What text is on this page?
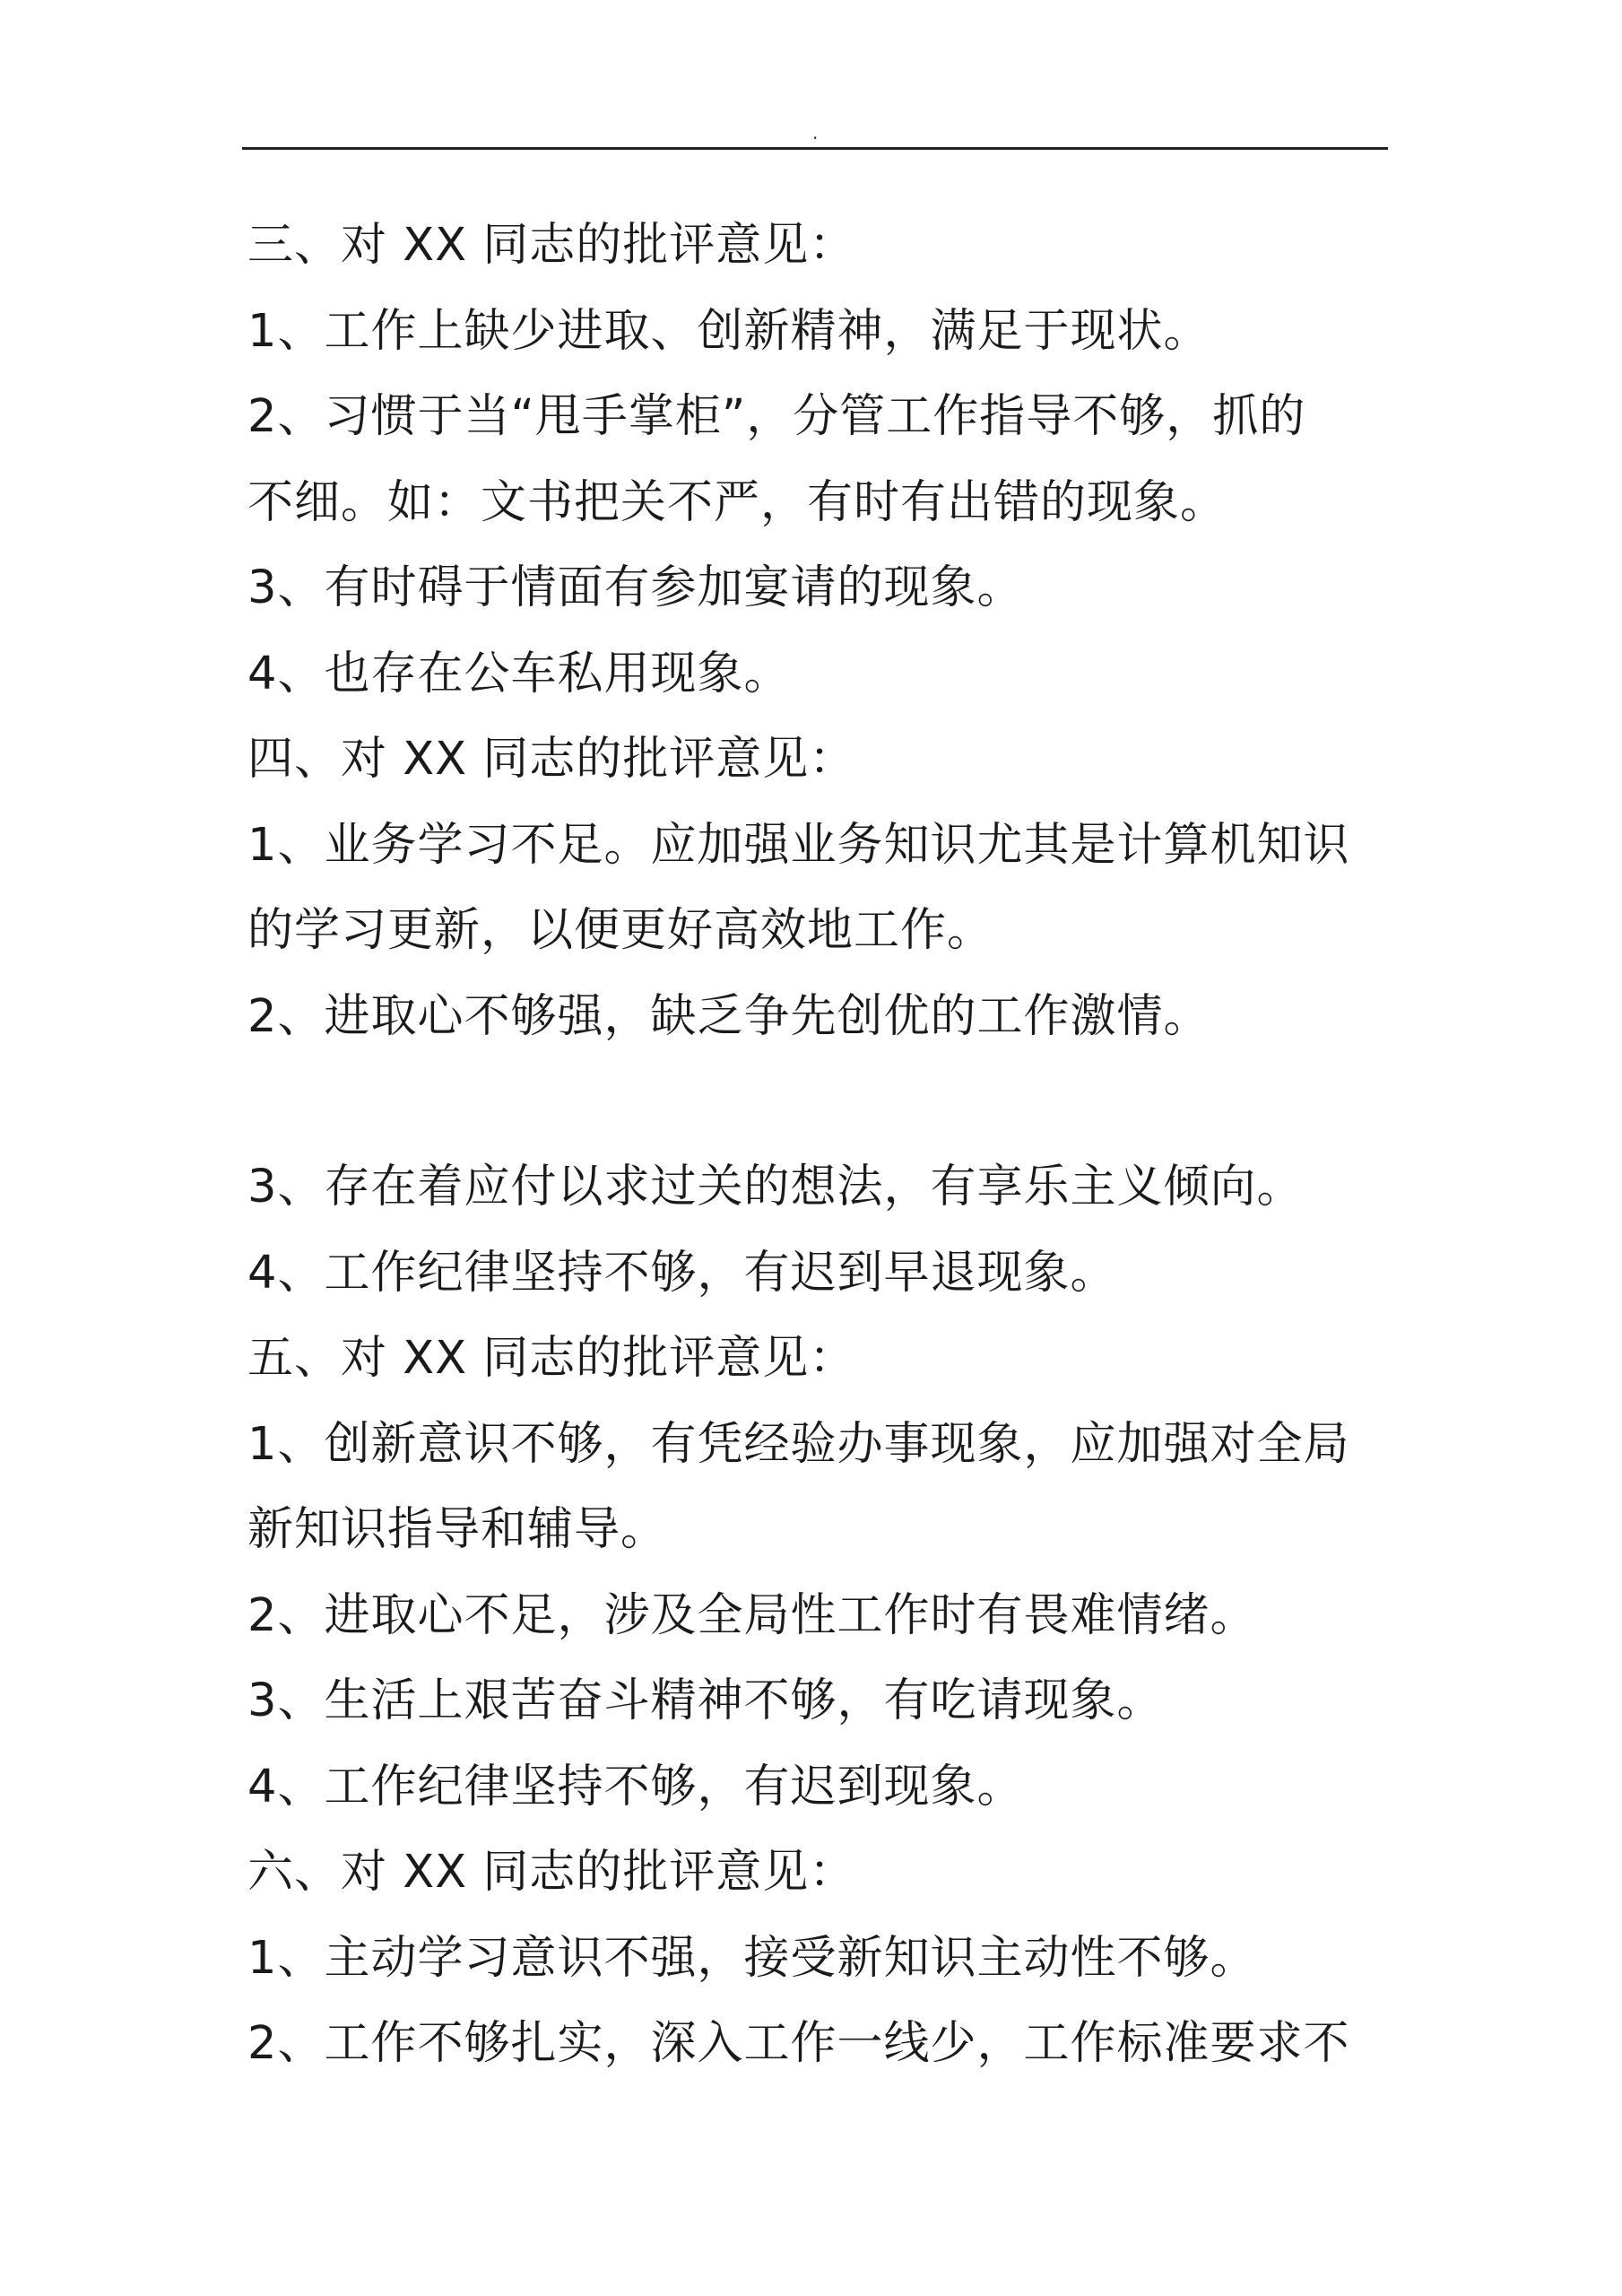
.
三、对 XX 同志的批评意见：
1、工作上缺少进取、创新精神，满足于现状。
2、习惯于当“甩手掌柜”，分管工作指导不够，抓的
不细。如：文书把关不严，有时有出错的现象。
3、有时碍于情面有参加宴请的现象。
4、也存在公车私用现象。
四、对 XX 同志的批评意见：
1、业务学习不足。应加强业务知识尤其是计算机知识
的学习更新，以便更好高效地工作。
2、进取心不够强，缺乏争先创优的工作激情。
3、存在着应付以求过关的想法，有享乐主义倾向。
4、工作纪律坚持不够，有迟到早退现象。
五、对 XX 同志的批评意见：
1、创新意识不够，有凭经验办事现象，应加强对全局
新知识指导和辅导。
2、进取心不足，涉及全局性工作时有畏难情绪。
3、生活上艰苦奋斗精神不够，有吃请现象。
4、工作纪律坚持不够，有迟到现象。
六、对 XX 同志的批评意见：
1、主动学习意识不强，接受新知识主动性不够。
2、工作不够扎实，深入工作一线少，工作标准要求不
